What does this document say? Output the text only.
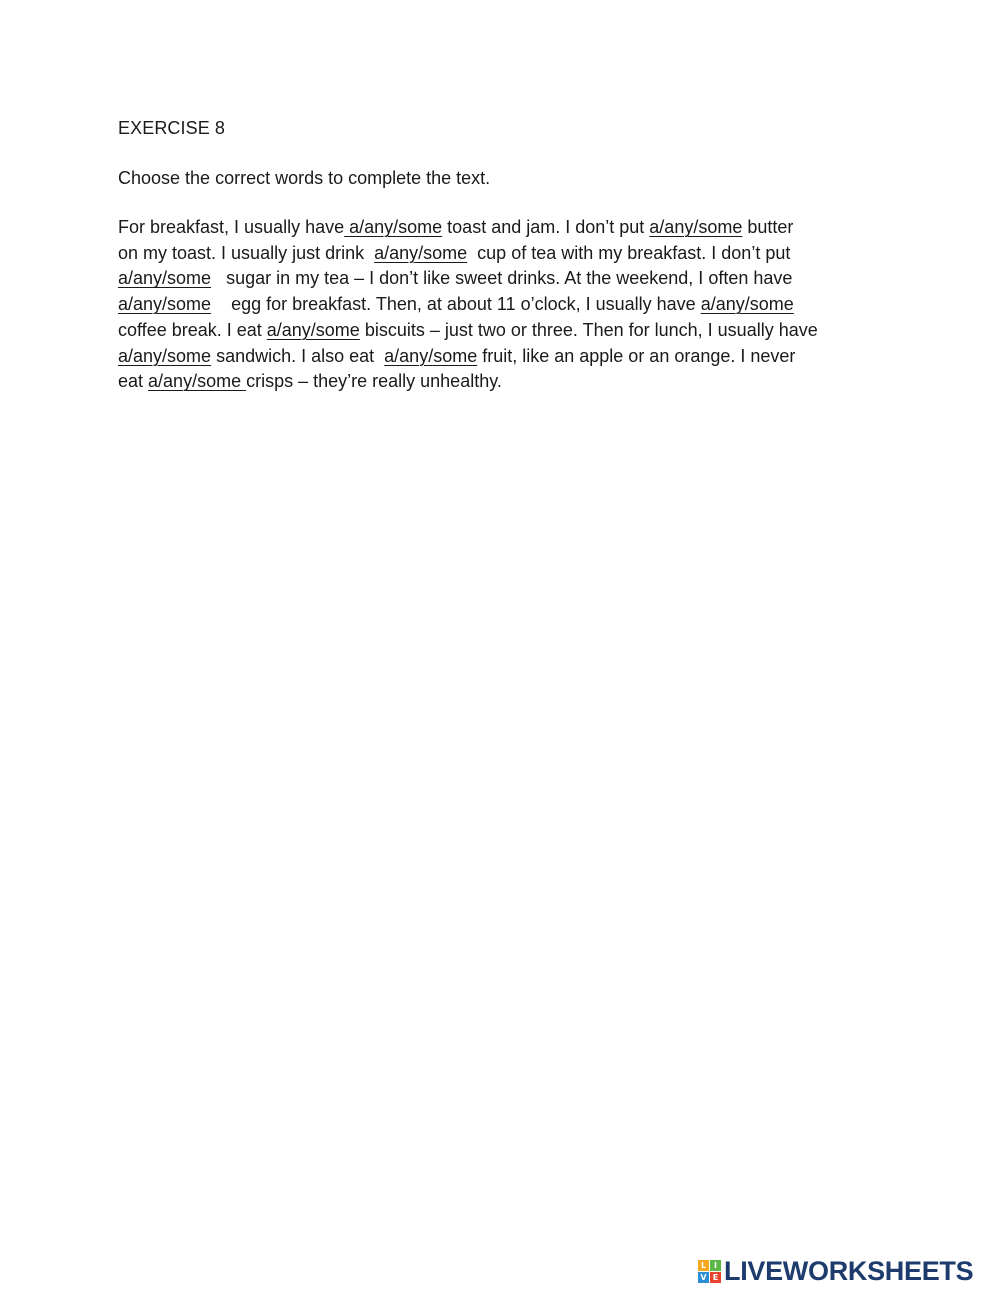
EXERCISE 8
Choose the correct words to complete the text.
For breakfast, I usually have a/any/some toast and jam. I don’t put a/any/some butter
on my toast. I usually just drink  a/any/some  cup of tea with my breakfast. I don’t put
a/any/some   sugar in my tea – I don’t like sweet drinks. At the weekend, I often have
a/any/some    egg for breakfast. Then, at about 11 o’clock, I usually have a/any/some
coffee break. I eat a/any/some biscuits – just two or three. Then for lunch, I usually have
a/any/some sandwich. I also eat  a/any/some fruit, like an apple or an orange. I never
eat a/any/some crisps – they’re really unhealthy.
L I
V E LIVEWORKSHEETS
